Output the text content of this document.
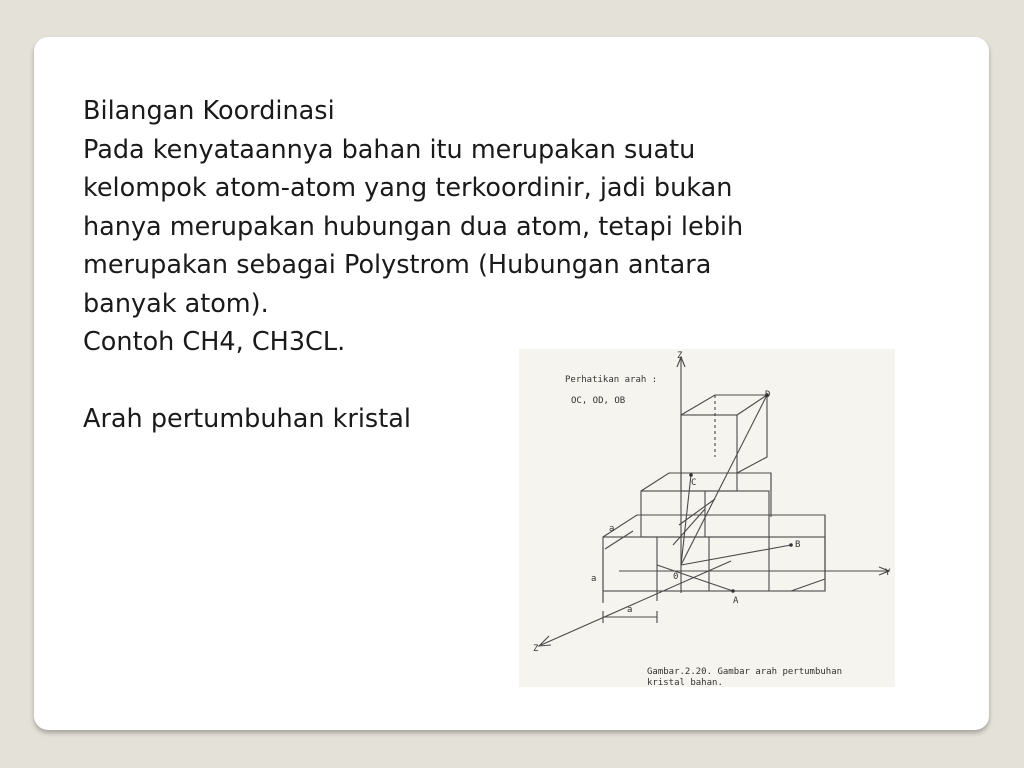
Bilangan Koordinasi
Pada kenyataannya bahan itu merupakan suatu
kelompok atom-atom yang terkoordinir, jadi bukan
hanya merupakan hubungan dua atom, tetapi lebih
merupakan sebagai Polystrom (Hubungan antara
banyak atom).
Contoh CH4, CH3CL.
Arah pertumbuhan kristal
Perhatikan arah :
OC, OD, OB
Z
Y
Z
D
C
B
A
0
a
a
a
Gambar.2.20. Gambar arah pertumbuhan
kristal bahan.
